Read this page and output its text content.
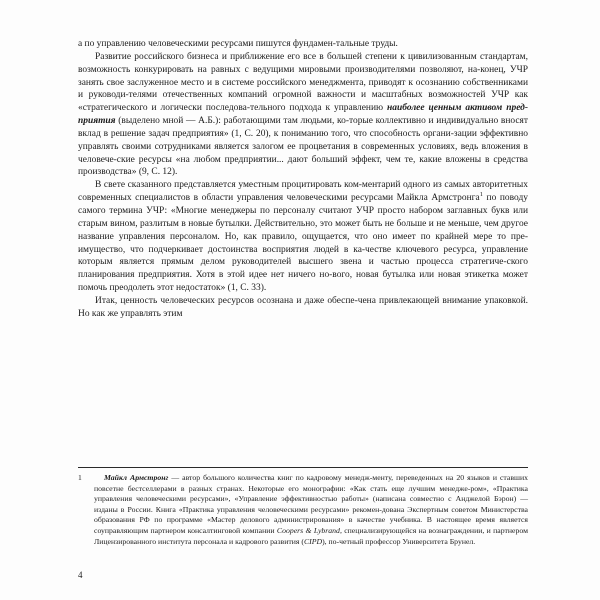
а по управлению человеческими ресурсами пишутся фундамен-тальные труды.

Развитие российского бизнеса и приближение его все в большей степени к цивилизованным стандартам, возможность конкурировать на равных с ведущими мировыми производителями позволяют, на-конец, УЧР занять свое заслуженное место и в системе российского менеджмента, приводят к осознанию собственниками и руководи-телями отечественных компаний огромной важности и масштабных возможностей УЧР как «стратегического и логически последова-тельного подхода к управлению наиболее ценным активом пред-приятия (выделено мной — А.Б.): работающими там людьми, ко-торые коллективно и индивидуально вносят вклад в решение задач предприятия» (1, С. 20), к пониманию того, что способность органи-зации эффективно управлять своими сотрудниками является залогом ее процветания в современных условиях, ведь вложения в человече-ские ресурсы «на любом предприятии... дают больший эффект, чем те, какие вложены в средства производства» (9, С. 12).

В свете сказанного представляется уместным процитировать ком-ментарий одного из самых авторитетных современных специалистов в области управления человеческими ресурсами Майкла Армстронга$^1$ по поводу самого термина УЧР: «Многие менеджеры по персоналу считают УЧР просто набором заглавных букв или старым вином, разлитым в новые бутылки. Действительно, это может быть не больше и не меньше, чем другое название управления персоналом. Но, как правило, ощущается, что оно имеет по крайней мере то пре-имущество, что подчеркивает достоинства восприятия людей в ка-честве ключевого ресурса, управление которым является прямым делом руководителей высшего звена и частью процесса стратегиче-ского планирования предприятия. Хотя в этой идее нет ничего но-вого, новая бутылка или новая этикетка может помочь преодолеть этот недостаток» (1, С. 33).

Итак, ценность человеческих ресурсов осознана и даже обеспе-чена привлекающей внимание упаковкой. Но как же управлять этим

1	Майкл Армстронг — автор большого количества книг по кадровому менедж-менту, переведенных на 20 языков и ставших повсетне бестселлерами в разных странах. Некоторые его монографии: «Как стать еще лучшим менедже-ром», «Практика управления человеческими ресурсами», «Управление эффективностью работы» (написана совместно с Анджелой Бэрон) — изданы в России. Книга «Практика управления человеческими ресурсами» рекомен-дована Экспертным советом Министерства образования РФ по программе «Мастер делового администрирования» в качестве учебника. В настоящее время является соуправляющим партнером консалтинговой компании Coopers & Lybrand, специализирующейся на вознаграждении, и партнером Лицензированного института персонала и кадрового развития (CIPD), по-четный профессор Университета Брунел.

4
